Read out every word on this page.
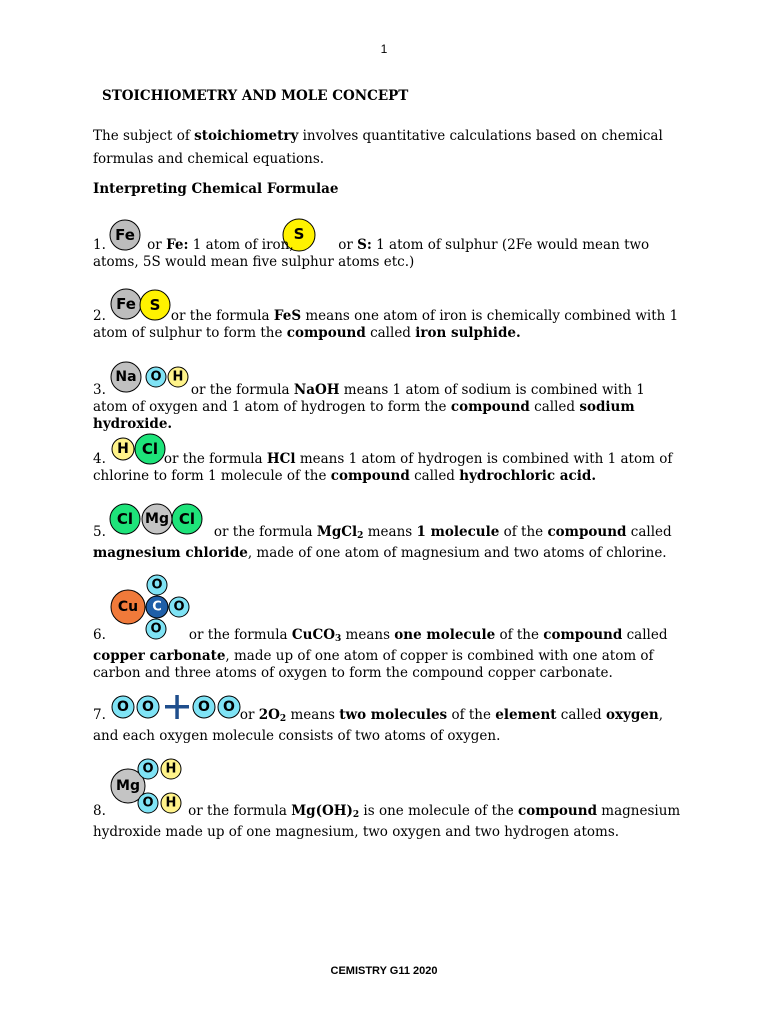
1
STOICHIOMETRY AND MOLE CONCEPT
The subject of stoichiometry involves quantitative calculations based on chemical formulas and chemical equations.
Interpreting Chemical Formulae
Fe	S
1.	or Fe: 1 atom of iron,	or S: 1 atom of sulphur (2Fe would mean two atoms, 5S would mean five sulphur atoms etc.)
Fe S
2.	or the formula FeS means one atom of iron is chemically combined with 1 atom of sulphur to form the compound called iron sulphide.
Na O H
3.	or the formula NaOH means 1 atom of sodium is combined with 1 atom of oxygen and 1 atom of hydrogen to form the compound called sodium hydroxide.
H Cl
4.	or the formula HCl means 1 atom of hydrogen is combined with 1 atom of chlorine to form 1 molecule of the compound called hydrochloric acid.
Cl Mg Cl
5.	or the formula MgCl$_2$ means 1 molecule of the compound called magnesium chloride, made of one atom of magnesium and two atoms of chlorine.
Cu
O
O
O
C
6.	or the formula CuCO$_3$ means one molecule of the compound called copper carbonate, made up of one atom of copper is combined with one atom of carbon and three atoms of oxygen to form the compound copper carbonate.
O O	O O
7.	or $2O_2$ means two molecules of the element called oxygen, and each oxygen molecule consists of two atoms of oxygen.
Mg
O H
O H
8.	or the formula $Mg(OH)_2$ is one molecule of the compound magnesium hydroxide made up of one magnesium, two oxygen and two hydrogen atoms.
CEMISTRY G11 2020
